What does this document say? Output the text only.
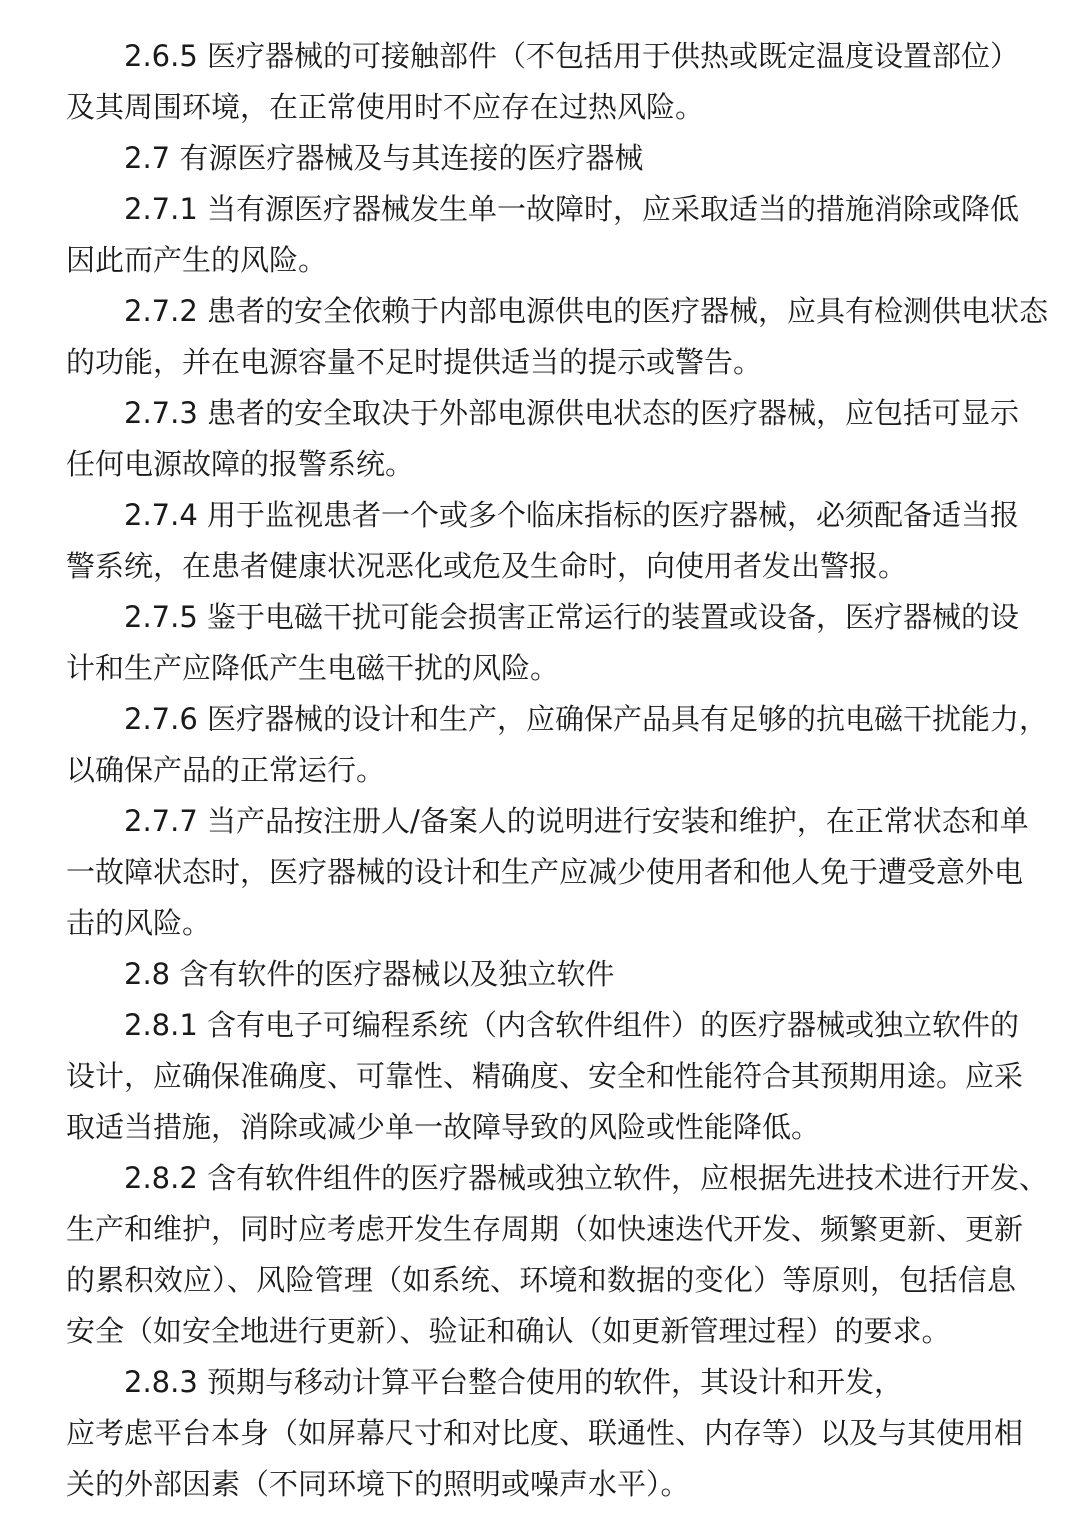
2.6.5 医疗器械的可接触部件（不包括用于供热或既定温度设置部位）
及其周围环境，在正常使用时不应存在过热风险。
2.7 有源医疗器械及与其连接的医疗器械
2.7.1 当有源医疗器械发生单一故障时，应采取适当的措施消除或降低
因此而产生的风险。
2.7.2 患者的安全依赖于内部电源供电的医疗器械，应具有检测供电状态
的功能，并在电源容量不足时提供适当的提示或警告。
2.7.3 患者的安全取决于外部电源供电状态的医疗器械，应包括可显示
任何电源故障的报警系统。
2.7.4 用于监视患者一个或多个临床指标的医疗器械，必须配备适当报
警系统，在患者健康状况恶化或危及生命时，向使用者发出警报。
2.7.5 鉴于电磁干扰可能会损害正常运行的装置或设备，医疗器械的设
计和生产应降低产生电磁干扰的风险。
2.7.6 医疗器械的设计和生产，应确保产品具有足够的抗电磁干扰能力，
以确保产品的正常运行。
2.7.7 当产品按注册人/备案人的说明进行安装和维护，在正常状态和单
一故障状态时，医疗器械的设计和生产应减少使用者和他人免于遭受意外电
击的风险。
2.8 含有软件的医疗器械以及独立软件
2.8.1 含有电子可编程系统（内含软件组件）的医疗器械或独立软件的
设计，应确保准确度、可靠性、精确度、安全和性能符合其预期用途。应采
取适当措施，消除或减少单一故障导致的风险或性能降低。
2.8.2 含有软件组件的医疗器械或独立软件，应根据先进技术进行开发、
生产和维护，同时应考虑开发生存周期（如快速迭代开发、频繁更新、更新
的累积效应）、风险管理（如系统、环境和数据的变化）等原则，包括信息
安全（如安全地进行更新）、验证和确认（如更新管理过程）的要求。
2.8.3 预期与移动计算平台整合使用的软件，其设计和开发，
应考虑平台本身（如屏幕尺寸和对比度、联通性、内存等）以及与其使用相
关的外部因素（不同环境下的照明或噪声水平）。
